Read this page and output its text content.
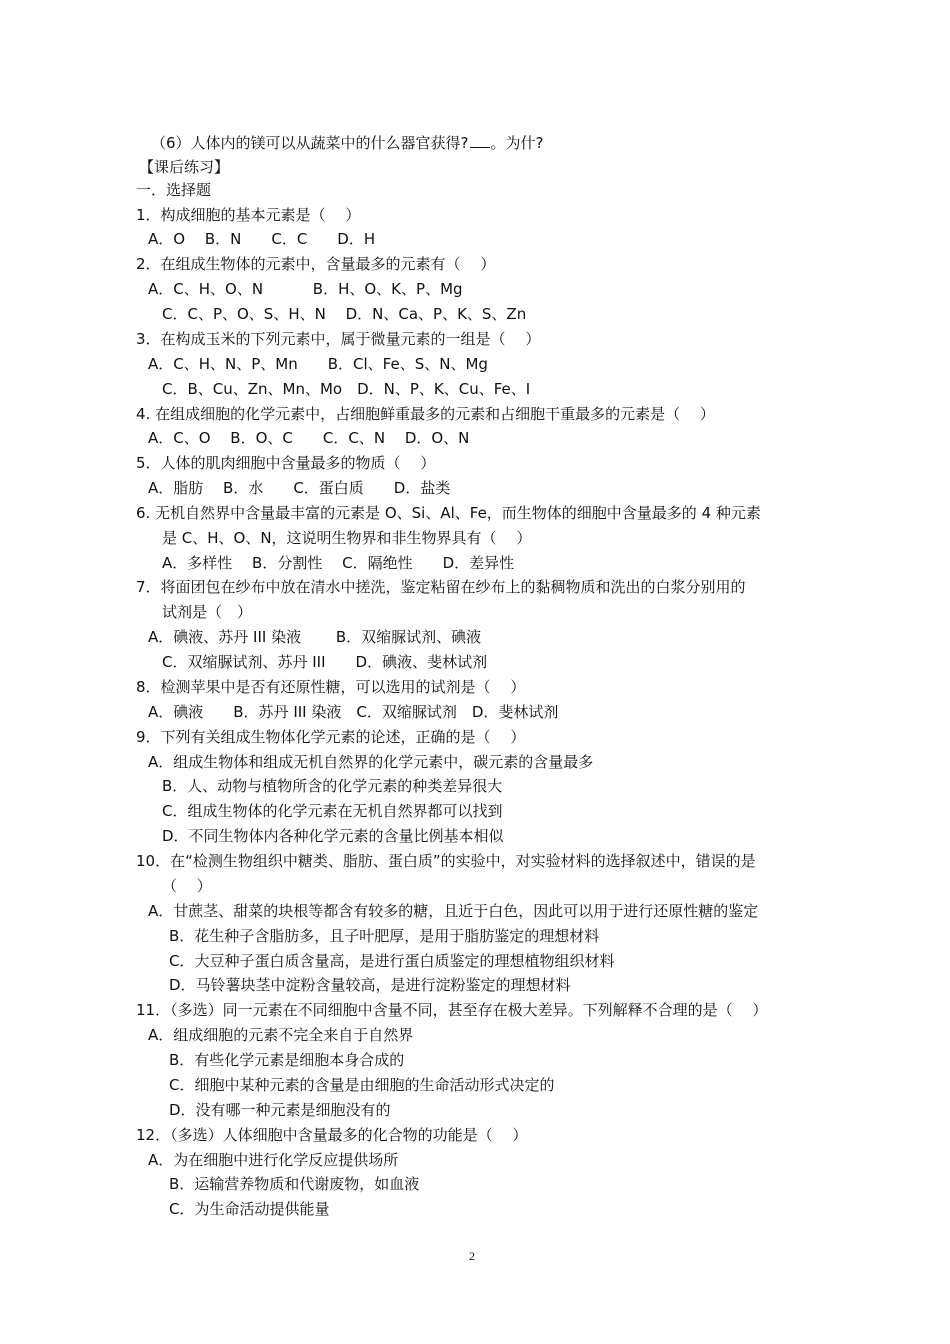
（6）人体内的镁可以从蔬菜中的什么器官获得? 。为什?
【课后练习】
一．选择题
1．构成细胞的基本元素是（　 ）
A．O　 B．N　　C．C　　D．H
2．在组成生物体的元素中，含量最多的元素有（　 ）
A．C、H、O、N　　　 B．H、O、K、P、Mg
C．C、P、O、S、H、N　 D．N、Ca、P、K、S、Zn
3．在构成玉米的下列元素中，属于微量元素的一组是（　 ）
A．C、H、N、P、Mn　　B．Cl、Fe、S、N、Mg
C．B、Cu、Zn、Mn、Mo　D．N、P、K、Cu、Fe、I
4. 在组成细胞的化学元素中，占细胞鲜重最多的元素和占细胞干重最多的元素是（　 ）
A．C、O　 B．O、C　　C．C、N　 D．O、N
5．人体的肌肉细胞中含量最多的物质（　 ）
A．脂肪　 B．水　　C．蛋白质　　D．盐类
6. 无机自然界中含量最丰富的元素是 O、Si、Al、Fe，而生物体的细胞中含量最多的 4 种元素
是 C、H、O、N，这说明生物界和非生物界具有（　 ）
A．多样性　 B．分割性　 C．隔绝性　　D．差异性
7．将面团包在纱布中放在清水中搓洗，鉴定粘留在纱布上的黏稠物质和洗出的白浆分别用的
试剂是（　）
A．碘液、苏丹 III 染液　　 B．双缩脲试剂、碘液
C．双缩脲试剂、苏丹 III　　D．碘液、斐林试剂
8．检测苹果中是否有还原性糖，可以选用的试剂是（　 ）
A．碘液　　B．苏丹 III 染液　C．双缩脲试剂　D．斐林试剂
9．下列有关组成生物体化学元素的论述，正确的是（　 ）
A．组成生物体和组成无机自然界的化学元素中，碳元素的含量最多
B．人、动物与植物所含的化学元素的种类差异很大
C．组成生物体的化学元素在无机自然界都可以找到
D．不同生物体内各种化学元素的含量比例基本相似
10．在“检测生物组织中糖类、脂肪、蛋白质”的实验中，对实验材料的选择叙述中，错误的是
（　 ）
A．甘蔗茎、甜菜的块根等都含有较多的糖，且近于白色，因此可以用于进行还原性糖的鉴定
B．花生种子含脂肪多，且子叶肥厚，是用于脂肪鉴定的理想材料
C．大豆种子蛋白质含量高，是进行蛋白质鉴定的理想植物组织材料
D．马铃薯块茎中淀粉含量较高，是进行淀粉鉴定的理想材料
11．（多选）同一元素在不同细胞中含量不同，甚至存在极大差异。下列解释不合理的是（　 ）
A．组成细胞的元素不完全来自于自然界
B．有些化学元素是细胞本身合成的
C．细胞中某种元素的含量是由细胞的生命活动形式决定的
D．没有哪一种元素是细胞没有的
12．（多选）人体细胞中含量最多的化合物的功能是（　 ）
A．为在细胞中进行化学反应提供场所
B．运输营养物质和代谢废物，如血液
C．为生命活动提供能量
2
